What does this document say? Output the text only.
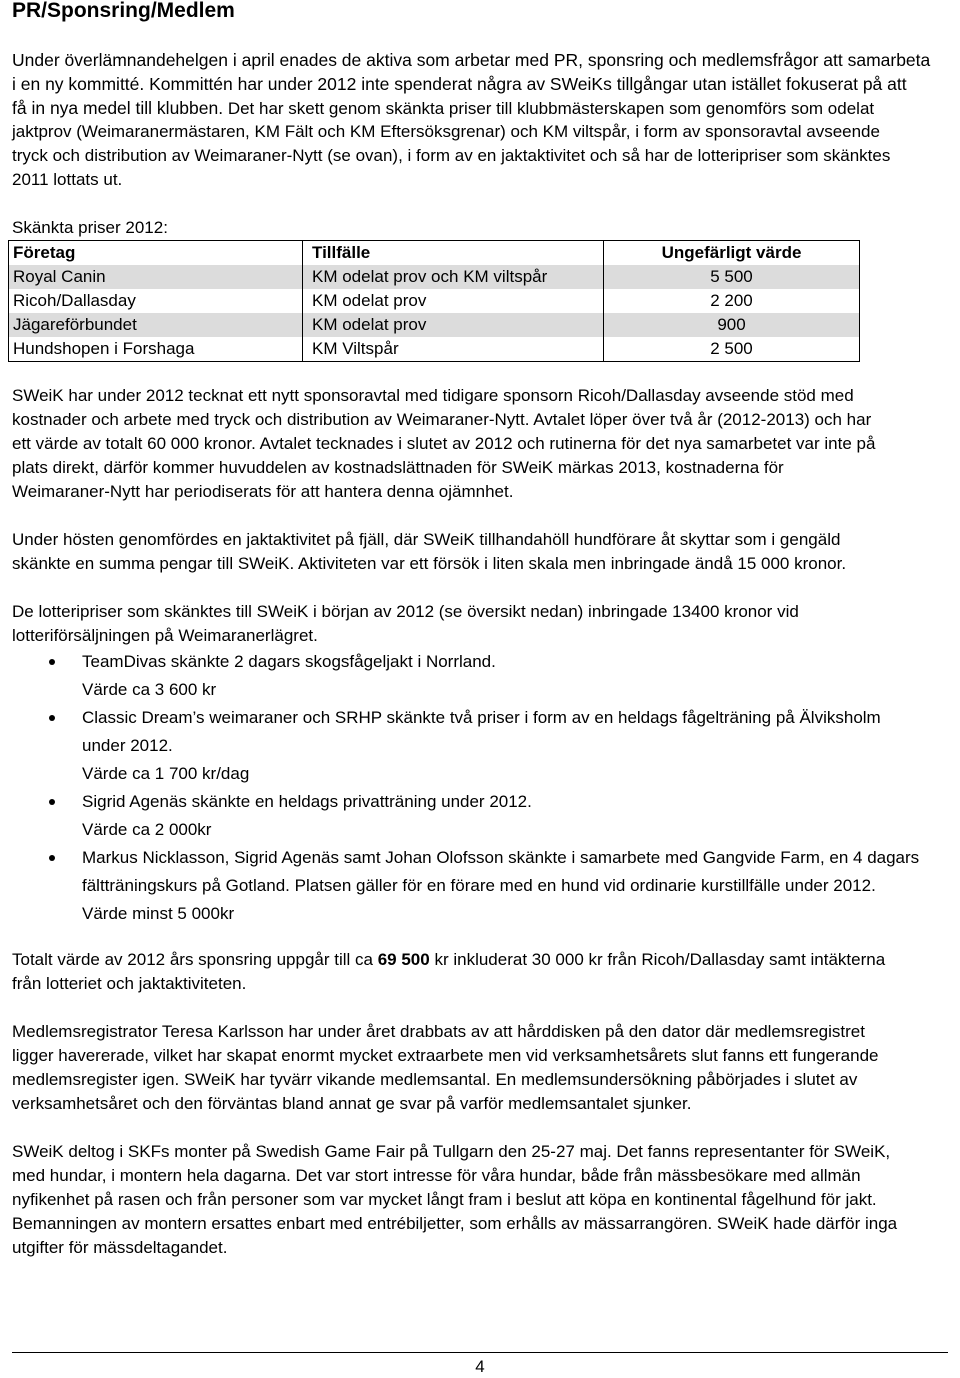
PR/Sponsring/Medlem
Under överlämnandehelgen i april enades de aktiva som arbetar med PR, sponsring och medlemsfrågor att samarbeta
i en ny kommitté. Kommittén har under 2012 inte spenderat några av SWeiKs tillgångar utan istället fokuserat på att
få in nya medel till klubben. Det har skett genom skänkta priser till klubbmästerskapen som genomförs som odelat
jaktprov (Weimaranermästaren, KM Fält och KM Eftersöksgrenar) och KM viltspår, i form av sponsoravtal avseende
tryck och distribution av Weimaraner-Nytt (se ovan), i form av en jaktaktivitet och så har de lotteripriser som skänktes
2011 lottats ut.
Skänkta priser 2012:
Företag	Tillfälle	Ungefärligt värde
Royal Canin	KM odelat prov och KM viltspår	5 500
Ricoh/Dallasday	KM odelat prov	2 200
Jägareförbundet	KM odelat prov	900
Hundshopen i Forshaga	KM Viltspår	2 500
SWeiK har under 2012 tecknat ett nytt sponsoravtal med tidigare sponsorn Ricoh/Dallasday avseende stöd med
kostnader och arbete med tryck och distribution av Weimaraner-Nytt. Avtalet löper över två år (2012-2013) och har
ett värde av totalt 60 000 kronor. Avtalet tecknades i slutet av 2012 och rutinerna för det nya samarbetet var inte på
plats direkt, därför kommer huvuddelen av kostnadslättnaden för SWeiK märkas 2013, kostnaderna för
Weimaraner-Nytt har periodiserats för att hantera denna ojämnhet.
Under hösten genomfördes en jaktaktivitet på fjäll, där SWeiK tillhandahöll hundförare åt skyttar som i gengäld
skänkte en summa pengar till SWeiK. Aktiviteten var ett försök i liten skala men inbringade ändå 15 000 kronor.
De lotteripriser som skänktes till SWeiK i början av 2012 (se översikt nedan) inbringade 13400 kronor vid
lotteriförsäljningen på Weimaranerlägret.
TeamDivas skänkte 2 dagars skogsfågeljakt i Norrland.
Värde ca 3 600 kr
Classic Dream’s weimaraner och SRHP skänkte två priser i form av en heldags fågelträning på Älviksholm
under 2012.
Värde ca 1 700 kr/dag
Sigrid Agenäs skänkte en heldags privatträning under 2012.
Värde ca 2 000kr
Markus Nicklasson, Sigrid Agenäs samt Johan Olofsson skänkte i samarbete med Gangvide Farm, en 4 dagars
fältträningskurs på Gotland. Platsen gäller för en förare med en hund vid ordinarie kurstillfälle under 2012.
Värde minst 5 000kr
Totalt värde av 2012 års sponsring uppgår till ca 69 500 kr inkluderat 30 000 kr från Ricoh/Dallasday samt intäkterna
från lotteriet och jaktaktiviteten.
Medlemsregistrator Teresa Karlsson har under året drabbats av att hårddisken på den dator där medlemsregistret
ligger havererade, vilket har skapat enormt mycket extraarbete men vid verksamhetsårets slut fanns ett fungerande
medlemsregister igen. SWeiK har tyvärr vikande medlemsantal. En medlemsundersökning påbörjades i slutet av
verksamhetsåret och den förväntas bland annat ge svar på varför medlemsantalet sjunker.
SWeiK deltog i SKFs monter på Swedish Game Fair på Tullgarn den 25-27 maj. Det fanns representanter för SWeiK,
med hundar, i montern hela dagarna. Det var stort intresse för våra hundar, både från mässbesökare med allmän
nyfikenhet på rasen och från personer som var mycket långt fram i beslut att köpa en kontinental fågelhund för jakt.
Bemanningen av montern ersattes enbart med entrébiljetter, som erhålls av mässarrangören. SWeiK hade därför inga
utgifter för mässdeltagandet.
4
